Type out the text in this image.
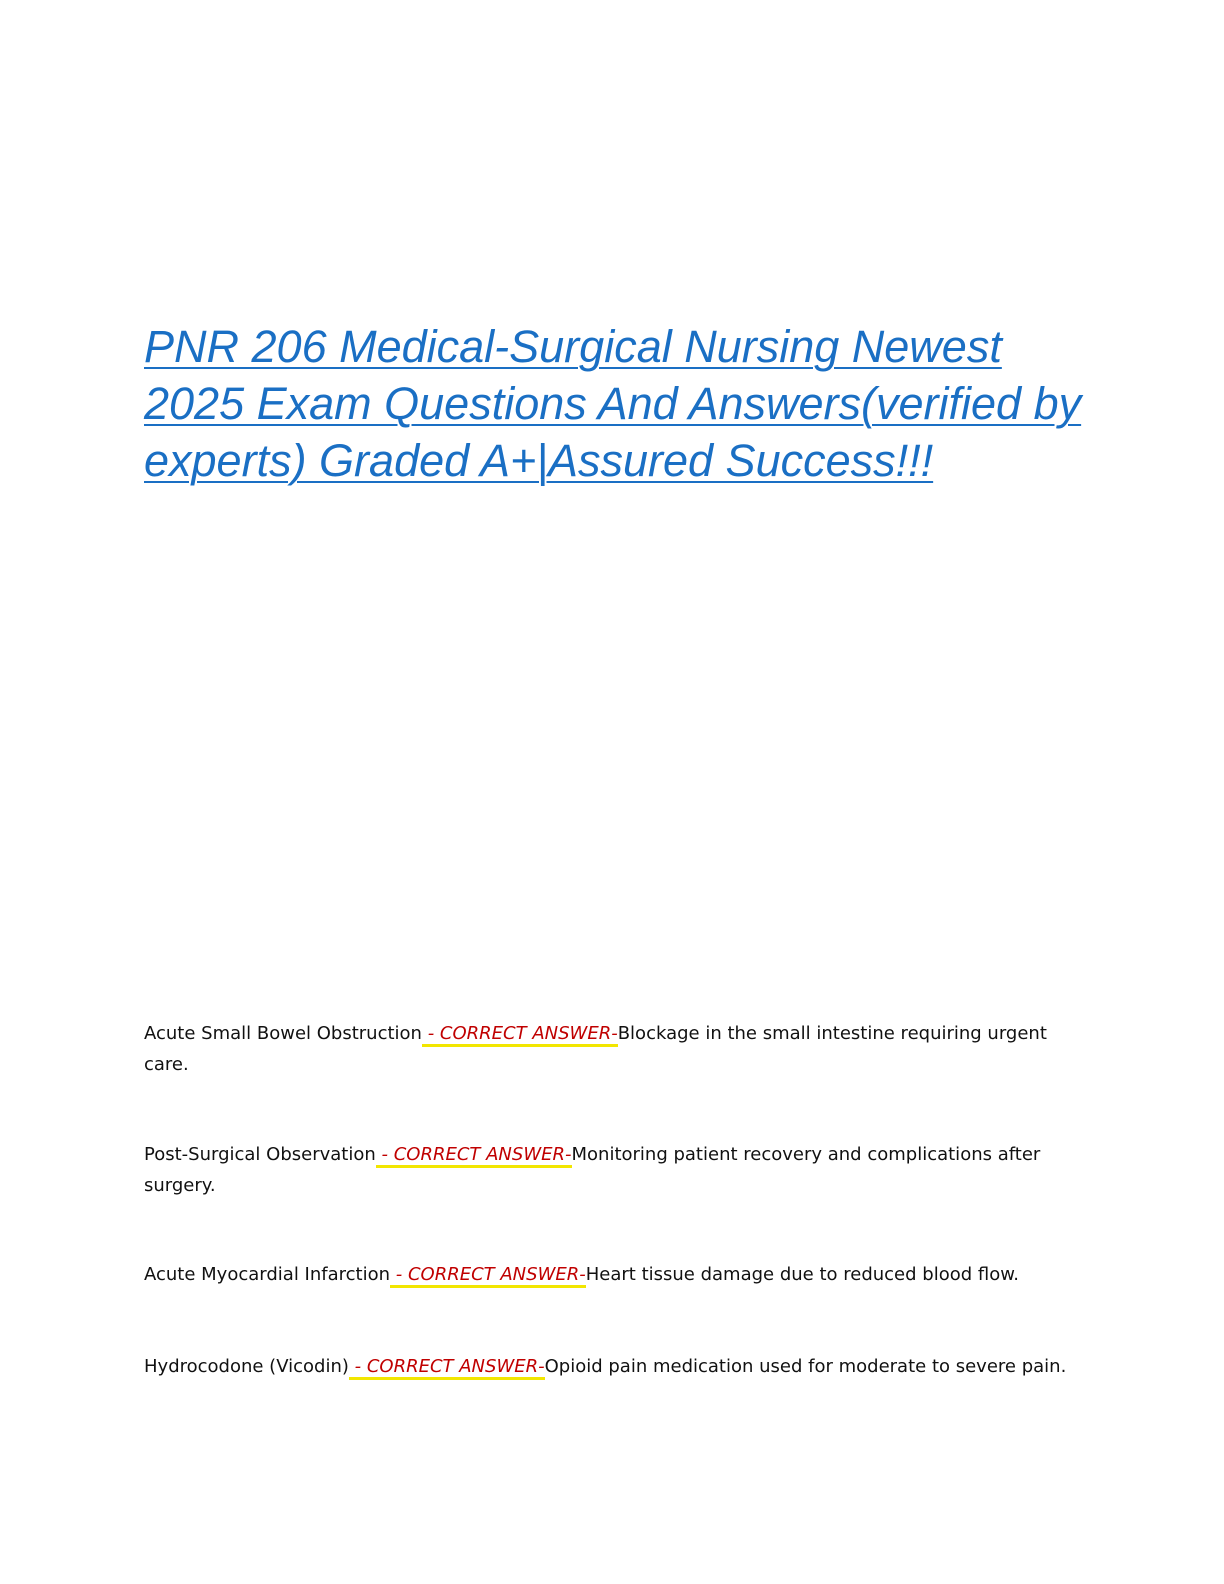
PNR 206 Medical-Surgical Nursing Newest 2025 Exam Questions And Answers(verified by experts) Graded A+|Assured Success!!!
Acute Small Bowel Obstruction - CORRECT ANSWER-Blockage in the small intestine requiring urgent care.
Post-Surgical Observation - CORRECT ANSWER-Monitoring patient recovery and complications after surgery.
Acute Myocardial Infarction - CORRECT ANSWER-Heart tissue damage due to reduced blood flow.
Hydrocodone (Vicodin) - CORRECT ANSWER-Opioid pain medication used for moderate to severe pain.
